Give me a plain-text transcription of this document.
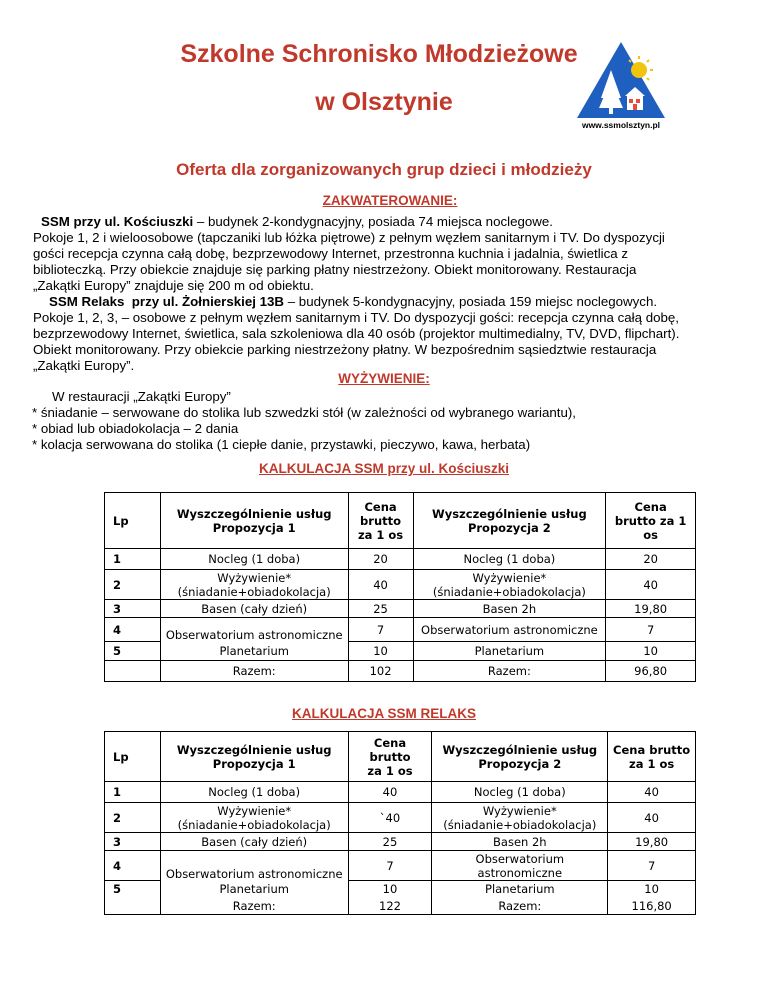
Szkolne Schronisko Młodzieżowe
w Olsztynie
www.ssmolsztyn.pl
Oferta dla zorganizowanych grup dzieci i młodzieży
ZAKWATEROWANIE:

SSM przy ul. Kościuszki – budynek 2-kondygnacyjny, posiada 74 miejsca noclegowe.

Pokoje 1, 2 i wieloosobowe (tapczaniki lub łóżka piętrowe) z pełnym węzłem sanitarnym i TV. Do dyspozycji

gości recepcja czynna całą dobę, bezprzewodowy Internet, przestronna kuchnia i jadalnia, świetlica z

biblioteczką. Przy obiekcie znajduje się parking płatny niestrzeżony. Obiekt monitorowany. Restauracja

„Zakątki Europy” znajduje się 200 m od obiektu.

SSM Relaks  przy ul. Żołnierskiej 13B – budynek 5-kondygnacyjny, posiada 159 miejsc noclegowych.

Pokoje 1, 2, 3, – osobowe z pełnym węzłem sanitarnym i TV. Do dyspozycji gości: recepcja czynna całą dobę,

bezprzewodowy Internet, świetlica, sala szkoleniowa dla 40 osób (projektor multimedialny, TV, DVD, flipchart).

Obiekt monitorowany. Przy obiekcie parking niestrzeżony płatny. W bezpośrednim sąsiedztwie restauracja

„Zakątki Europy”.

WYŻYWIENIE:

W restauracji „Zakątki Europy”

* śniadanie – serwowane do stolika lub szwedzki stół (w zależności od wybranego wariantu),

* obiad lub obiadokolacja – 2 dania

* kolacja serwowana do stolika (1 ciepłe danie, przystawki, pieczywo, kawa, herbata)

KALKULACJA SSM przy ul. Kościuszki
Lp	Wyszczególnienie usług
Propozycja 1	Cena
brutto
za 1 os	Wyszczególnienie usług
Propozycja 2	Cena
brutto za 1
os
1	Nocleg (1 doba)	20	Nocleg (1 doba)	20
2	Wyżywienie*
(śniadanie+obiadokolacja)	40	Wyżywienie*
(śniadanie+obiadokolacja)	40
3	Basen (cały dzień)	25	Basen 2h	19,80
4	Obserwatorium astronomiczne	7	Obserwatorium astronomiczne	7
5	Planetarium	10	Planetarium	10
	Razem:	102	Razem:	96,80
KALKULACJA SSM RELAKS
Lp	Wyszczególnienie usług
Propozycja 1	Cena brutto
za 1 os	Wyszczególnienie usług
Propozycja 2	Cena brutto
za 1 os
1	Nocleg (1 doba)	40	Nocleg (1 doba)	40
2	Wyżywienie*
(śniadanie+obiadokolacja)	`40	Wyżywienie*
(śniadanie+obiadokolacja)	40
3	Basen (cały dzień)	25	Basen 2h	19,80
4	Obserwatorium astronomiczne	7	Obserwatorium
astronomiczne	7
5	Planetarium	10	Planetarium	10
	Razem:	122	Razem:	116,80
